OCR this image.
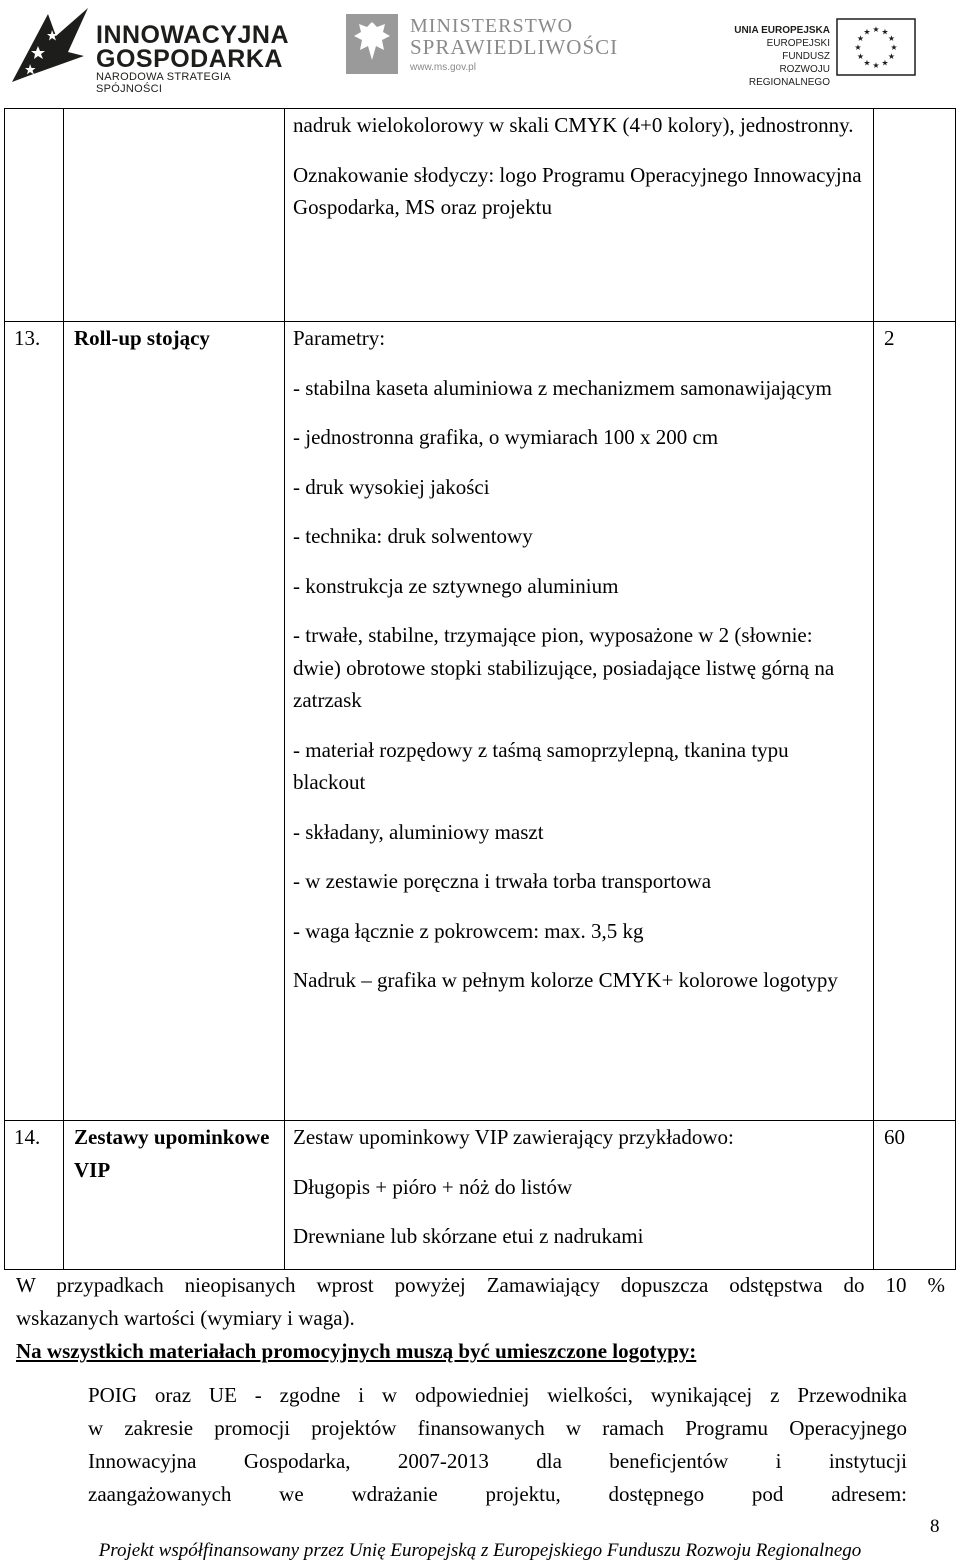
INNOWACYJNA
GOSPODARKA
NARODOWA STRATEGIA SPÓJNOŚCI
MINISTERSTWO
SPRAWIEDLIWOŚCI
www.ms.gov.pl
UNIA EUROPEJSKA
EUROPEJSKI FUNDUSZ
ROZWOJU REGIONALNEGO
★ ★
★
★
★
★
★
★
★
★
★
★

nadruk wielokolorowy w skali CMYK (4+0 kolory), jednostronny.

Oznakowanie słodyczy: logo Programu Operacyjnego Innowacyjna Gospodarka, MS oraz projektu

13. Roll-up stojący	2

Parametry:

- stabilna kaseta aluminiowa z mechanizmem samonawijającym

- jednostronna grafika, o wymiarach 100 x 200 cm

- druk wysokiej jakości

- technika: druk solwentowy

- konstrukcja ze sztywnego aluminium

- trwałe, stabilne, trzymające pion, wyposażone w 2 (słownie: dwie) obrotowe stopki stabilizujące, posiadające listwę górną na zatrzask

- materiał rozpędowy z taśmą samoprzylepną, tkanina typu blackout

- składany, aluminiowy maszt

- w zestawie poręczna i trwała torba transportowa

- waga łącznie z pokrowcem: max. 3,5 kg

Nadruk – grafika w pełnym kolorze CMYK+ kolorowe logotypy

14. Zestawy upominkowe VIP
60

Zestaw upominkowy VIP zawierający przykładowo:

Długopis + pióro + nóż do listów

Drewniane lub skórzane etui z nadrukami

W przypadkach nieopisanych wprost powyżej Zamawiający dopuszcza odstępstwa do 10 %
wskazanych wartości (wymiary i waga).
Na wszystkich materiałach promocyjnych muszą być umieszczone logotypy:
POIG oraz UE - zgodne i w odpowiedniej wielkości, wynikającej z Przewodnika
w zakresie promocji projektów finansowanych w ramach Programu Operacyjnego
Innowacyjna Gospodarka, 2007-2013 dla beneficjentów i instytucji
zaangażowanych we wdrażanie projektu, dostępnego pod adresem:
8
Projekt współfinansowany przez Unię Europejską z Europejskiego Funduszu Rozwoju Regionalnego
